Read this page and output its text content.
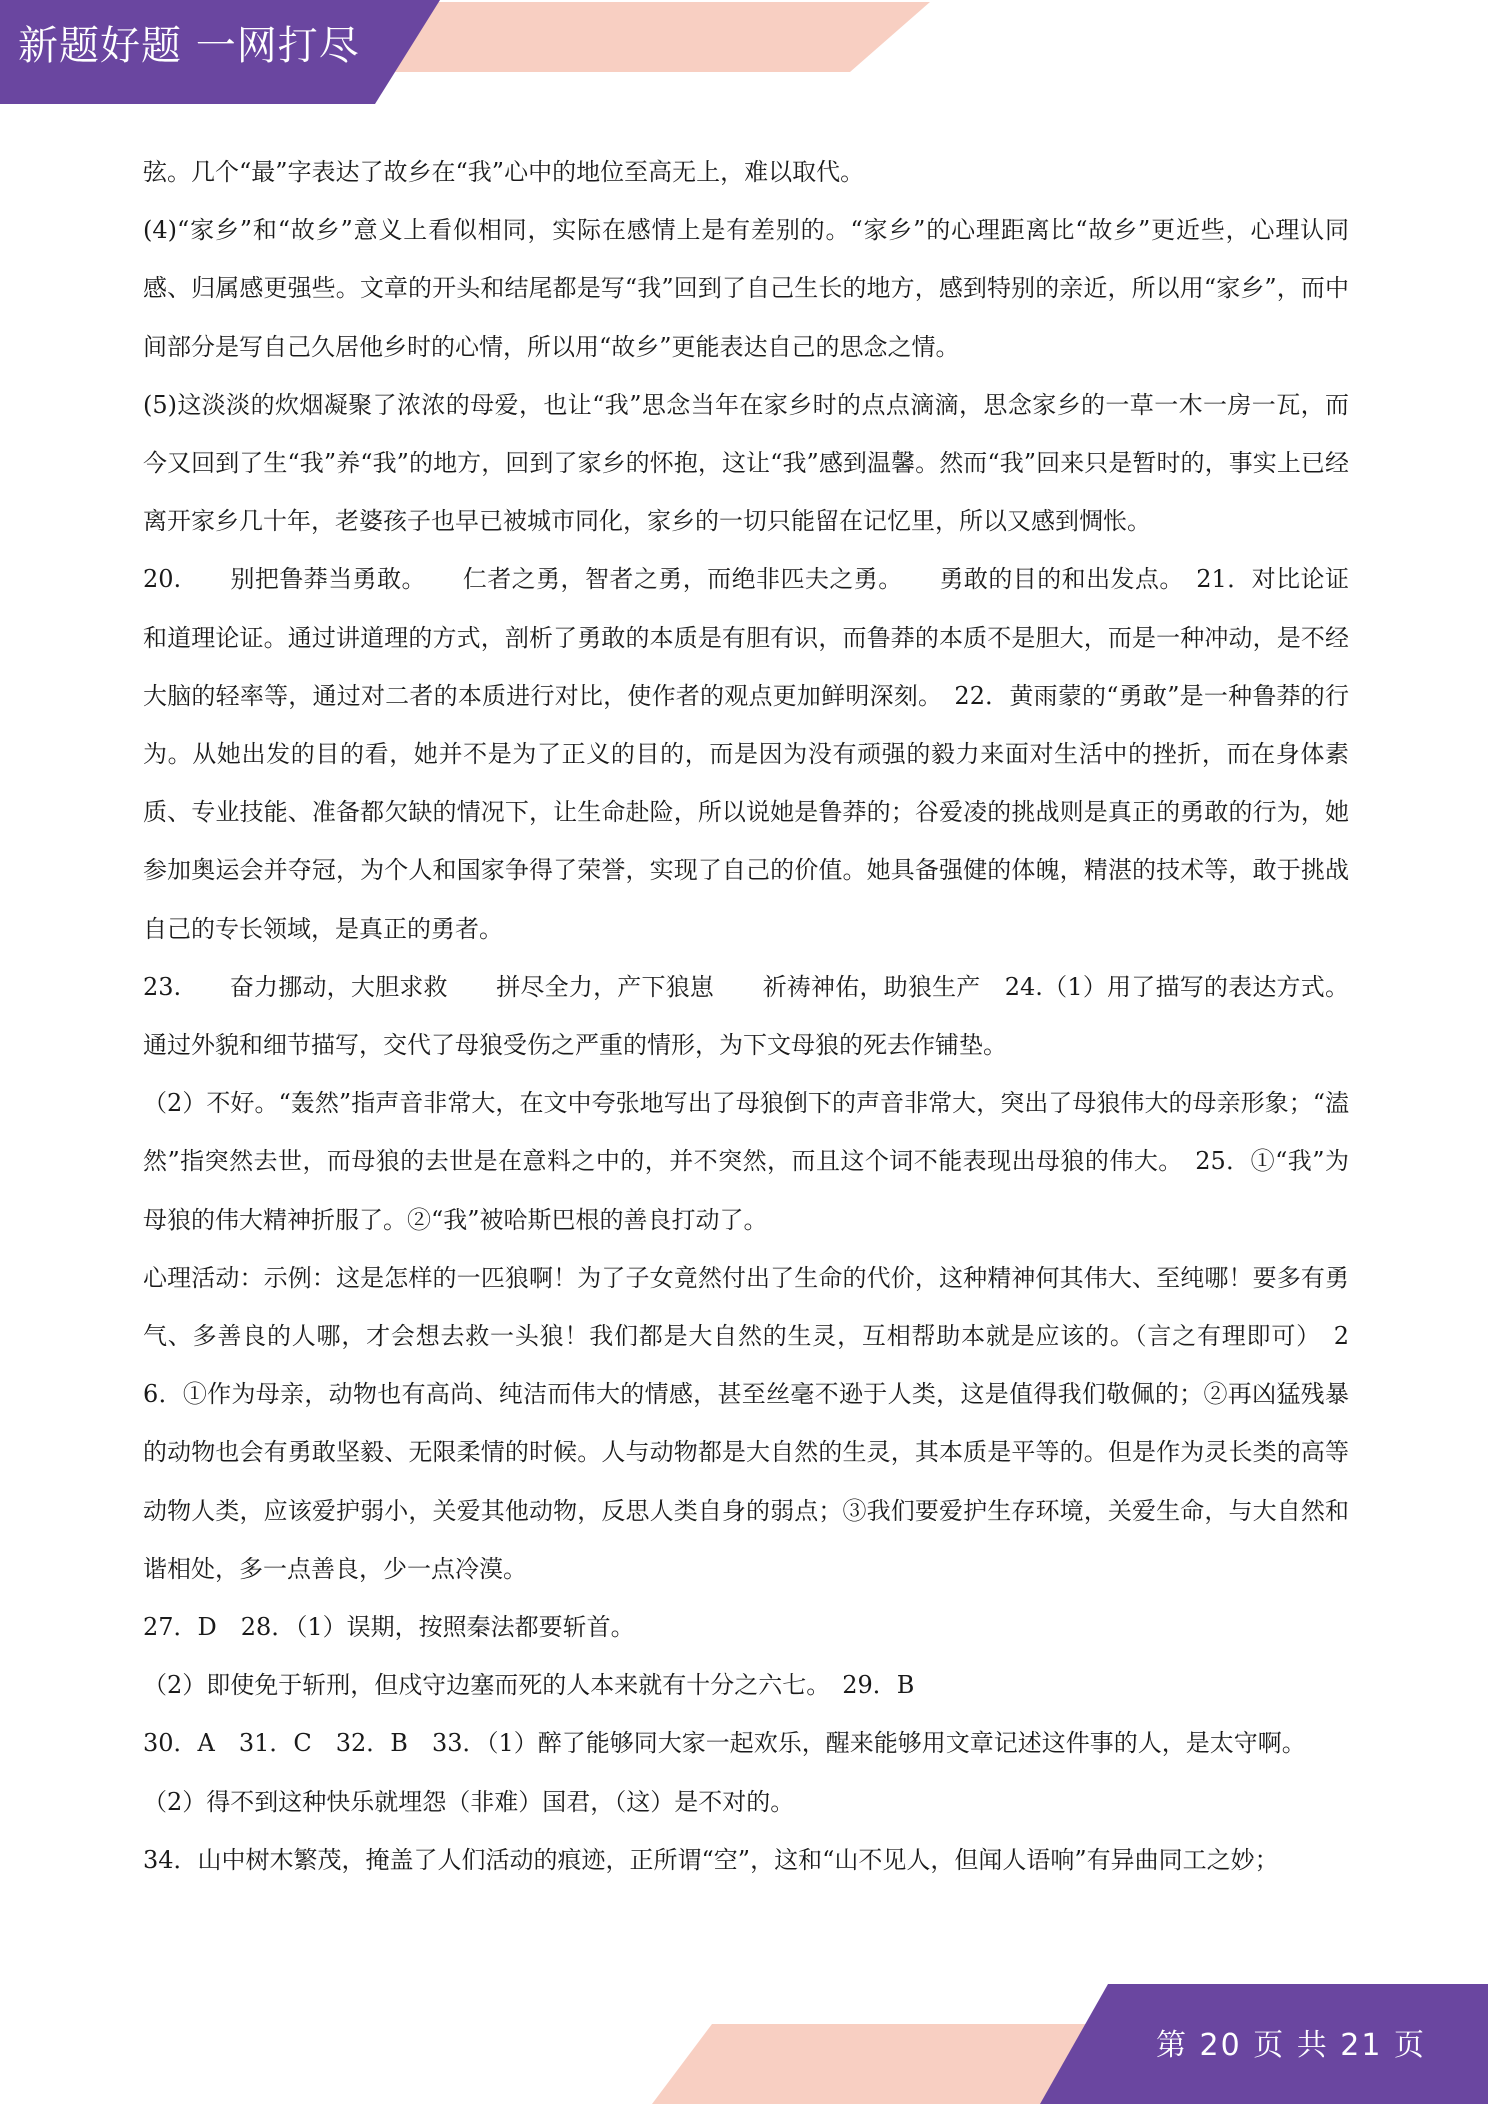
新题好题 一网打尽

弦。几个“最”字表达了故乡在“我”心中的地位至高无上，难以取代。

(4)“家乡”和“故乡”意义上看似相同，实际在感情上是有差别的。“家乡”的心理距离比“故乡”更近些，心理认同感、归属感更强些。文章的开头和结尾都是写“我”回到了自己生长的地方，感到特别的亲近，所以用“家乡”，而中间部分是写自己久居他乡时的心情，所以用“故乡”更能表达自己的思念之情。

(5)这淡淡的炊烟凝聚了浓浓的母爱，也让“我”思念当年在家乡时的点点滴滴，思念家乡的一草一木一房一瓦，而今又回到了生“我”养“我”的地方，回到了家乡的怀抱，这让“我”感到温馨。然而“我”回来只是暂时的，事实上已经离开家乡几十年，老婆孩子也早已被城市同化，家乡的一切只能留在记忆里，所以又感到惆怅。

20.　　别把鲁莽当勇敢。　　仁者之勇，智者之勇，而绝非匹夫之勇。　　勇敢的目的和出发点。　21．对比论证和道理论证。通过讲道理的方式，剖析了勇敢的本质是有胆有识，而鲁莽的本质不是胆大，而是一种冲动，是不经大脑的轻率等，通过对二者的本质进行对比，使作者的观点更加鲜明深刻。　22．黄雨蒙的“勇敢”是一种鲁莽的行为。从她出发的目的看，她并不是为了正义的目的，而是因为没有顽强的毅力来面对生活中的挫折，而在身体素质、专业技能、准备都欠缺的情况下，让生命赴险，所以说她是鲁莽的；谷爱凌的挑战则是真正的勇敢的行为，她参加奥运会并夺冠，为个人和国家争得了荣誉，实现了自己的价值。她具备强健的体魄，精湛的技术等，敢于挑战自己的专长领域，是真正的勇者。

23.　　奋力挪动，大胆求救　　拼尽全力，产下狼崽　　祈祷神佑，助狼生产　24.（1）用了描写的表达方式。通过外貌和细节描写，交代了母狼受伤之严重的情形，为下文母狼的死去作铺垫。

（2）不好。“轰然”指声音非常大，在文中夸张地写出了母狼倒下的声音非常大，突出了母狼伟大的母亲形象；“溘然”指突然去世，而母狼的去世是在意料之中的，并不突然，而且这个词不能表现出母狼的伟大。　25．①“我”为母狼的伟大精神折服了。②“我”被哈斯巴根的善良打动了。

心理活动：示例：这是怎样的一匹狼啊！为了子女竟然付出了生命的代价，这种精神何其伟大、至纯哪！要多有勇气、多善良的人哪，才会想去救一头狼！我们都是大自然的生灵，互相帮助本就是应该的。（言之有理即可）　26．①作为母亲，动物也有高尚、纯洁而伟大的情感，甚至丝毫不逊于人类，这是值得我们敬佩的；②再凶猛残暴的动物也会有勇敢坚毅、无限柔情的时候。人与动物都是大自然的生灵，其本质是平等的。但是作为灵长类的高等动物人类，应该爱护弱小，关爱其他动物，反思人类自身的弱点；③我们要爱护生存环境，关爱生命，与大自然和谐相处，多一点善良，少一点冷漠。

27．D　28．（1）误期，按照秦法都要斩首。

（2）即使免于斩刑，但戍守边塞而死的人本来就有十分之六七。　29．B

30．A　31．C　32．B　33．（1）醉了能够同大家一起欢乐，醒来能够用文章记述这件事的人，是太守啊。

（2）得不到这种快乐就埋怨（非难）国君，（这）是不对的。

34．山中树木繁茂，掩盖了人们活动的痕迹，正所谓“空”，这和“山不见人，但闻人语响”有异曲同工之妙；

第 20 页 共 21 页
